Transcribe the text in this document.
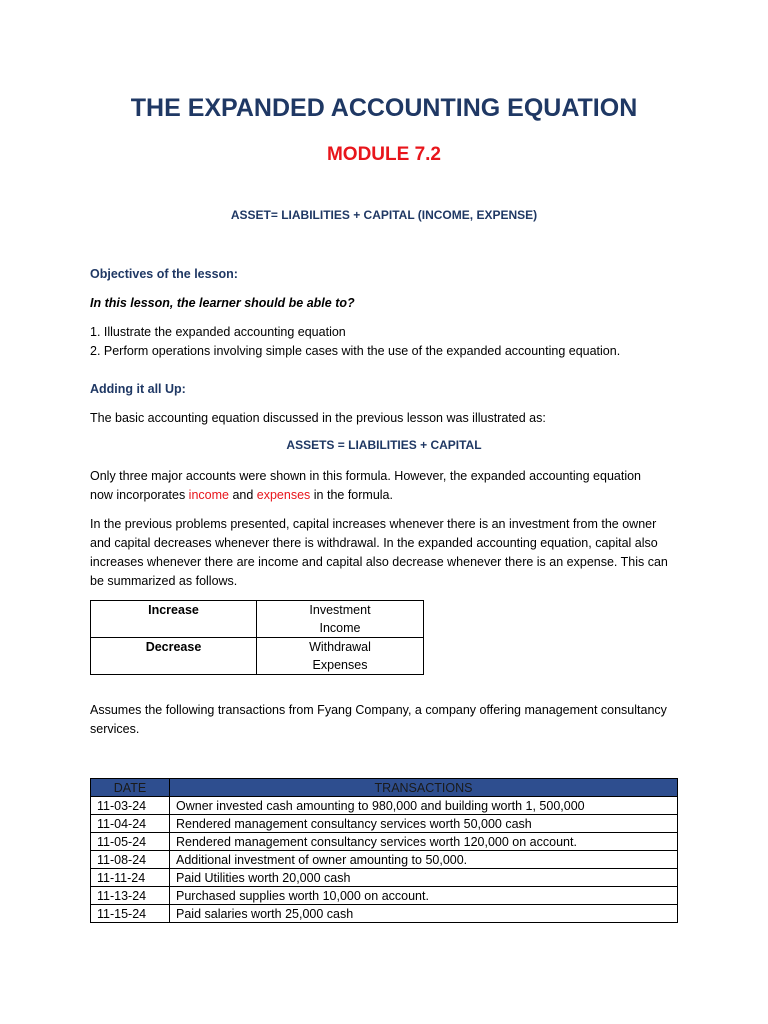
THE EXPANDED ACCOUNTING EQUATION
MODULE 7.2
ASSET= LIABILITIES + CAPITAL (INCOME, EXPENSE)
Objectives of the lesson:
In this lesson, the learner should be able to?
1. Illustrate the expanded accounting equation
2. Perform operations involving simple cases with the use of the expanded accounting equation.
Adding it all Up:
The basic accounting equation discussed in the previous lesson was illustrated as:
ASSETS = LIABILITIES + CAPITAL
Only three major accounts were shown in this formula. However, the expanded accounting equation
now incorporates income and expenses in the formula.
In the previous problems presented, capital increases whenever there is an investment from the owner
and capital decreases whenever there is withdrawal. In the expanded accounting equation, capital also
increases whenever there are income and capital also decrease whenever there is an expense. This can
be summarized as follows.
Increase	Investment
Income

Decrease	Withdrawal
Expenses
Assumes the following transactions from Fyang Company, a company offering management consultancy
services.
DATE	TRANSACTIONS
11-03-24	Owner invested cash amounting to 980,000 and building worth 1, 500,000
11-04-24	Rendered management consultancy services worth 50,000 cash
11-05-24	Rendered management consultancy services worth 120,000 on account.
11-08-24	Additional investment of owner amounting to 50,000.
11-11-24	Paid Utilities worth 20,000 cash
11-13-24	Purchased supplies worth 10,000 on account.
11-15-24	Paid salaries worth 25,000 cash
